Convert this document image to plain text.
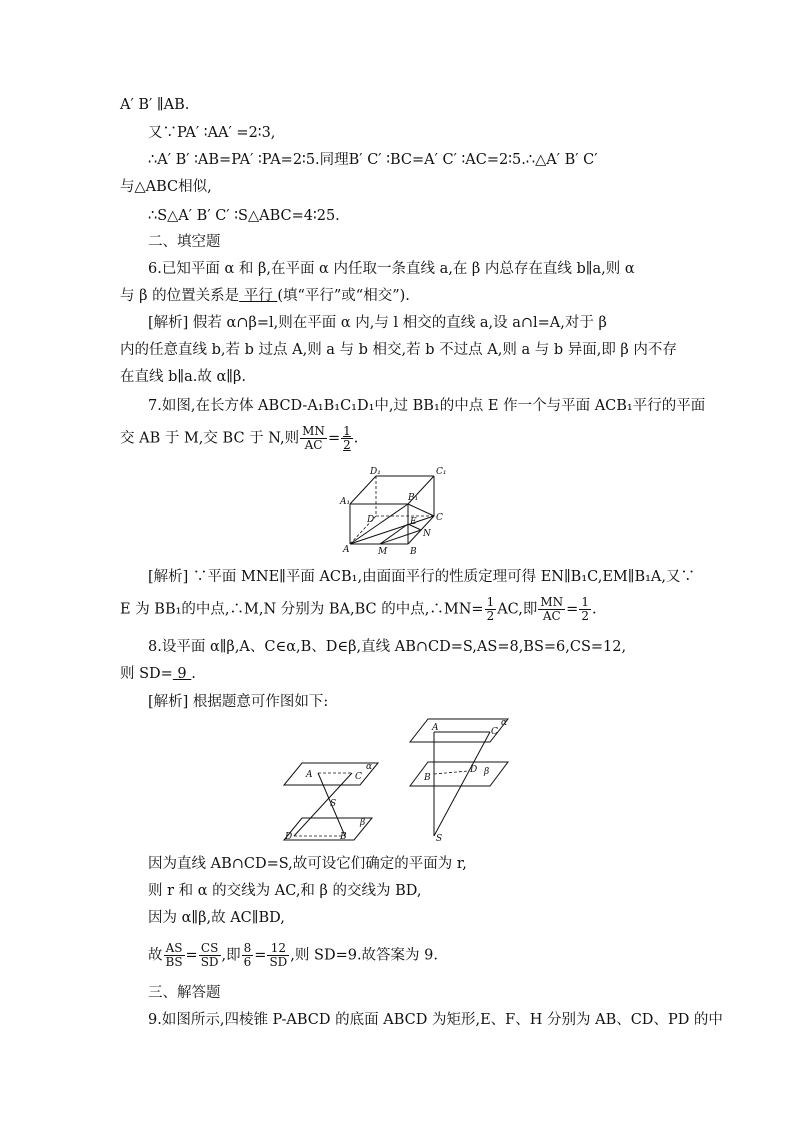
A′ B′ ∥AB.
又∵PA′ ∶AA′ =2∶3,
∴A′ B′ ∶AB=PA′ ∶PA=2∶5.同理B′ C′ ∶BC=A′ C′ ∶AC=2∶5.∴△A′ B′ C′
与△ABC相似,
∴S△A′ B′ C′ ∶S△ABC=4∶25.
二、填空题
6.已知平面 α 和 β,在平面 α 内任取一条直线 a,在 β 内总存在直线 b∥a,则 α
与 β 的位置关系是 平行 (填“平行”或“相交”).
[解析] 假若 α∩β=l,则在平面 α 内,与 l 相交的直线 a,设 a∩l=A,对于 β
内的任意直线 b,若 b 过点 A,则 a 与 b 相交,若 b 不过点 A,则 a 与 b 异面,即 β 内不存
在直线 b∥a.故 α∥β.
7.如图,在长方体 ABCD-A₁B₁C₁D₁中,过 BB₁的中点 E 作一个与平面 ACB₁平行的平面
交 AB 于 M,交 BC 于 N,则 $\frac{MN}{AC} = \frac{1}{2}$ .
D₁	C₁
A₁	B₁
D	C
E
N
A	M	B
[解析] ∵平面 MNE∥平面 ACB₁,由面面平行的性质定理可得 EN∥B₁C,EM∥B₁A,又∵
E 为 BB₁的中点,∴M,N 分别为 BA,BC 的中点,∴MN= $\frac{1}{2}$ AC,即 $\frac{MN}{AC} = \frac{1}{2}$ .
8.设平面 α∥β,A、C∈α,B、D∈β,直线 AB∩CD=S,AS=8,BS=6,CS=12,
则 SD= 9 .
[解析] 根据题意可作图如下:
A	C
α
S
D	B
β
A	C
α
B
D β
S
因为直线 AB∩CD=S,故可设它们确定的平面为 r,
则 r 和 α 的交线为 AC,和 β 的交线为 BD,
因为 α∥β,故 AC∥BD,
故 $\frac{AS}{BS} = \frac{CS}{SD}$ ,即 $\frac{8}{6} = \frac{12}{SD}$ ,则 SD=9.故答案为 9.
三、解答题
9.如图所示,四棱锥 P-ABCD 的底面 ABCD 为矩形,E、F、H 分别为 AB、CD、PD 的中
